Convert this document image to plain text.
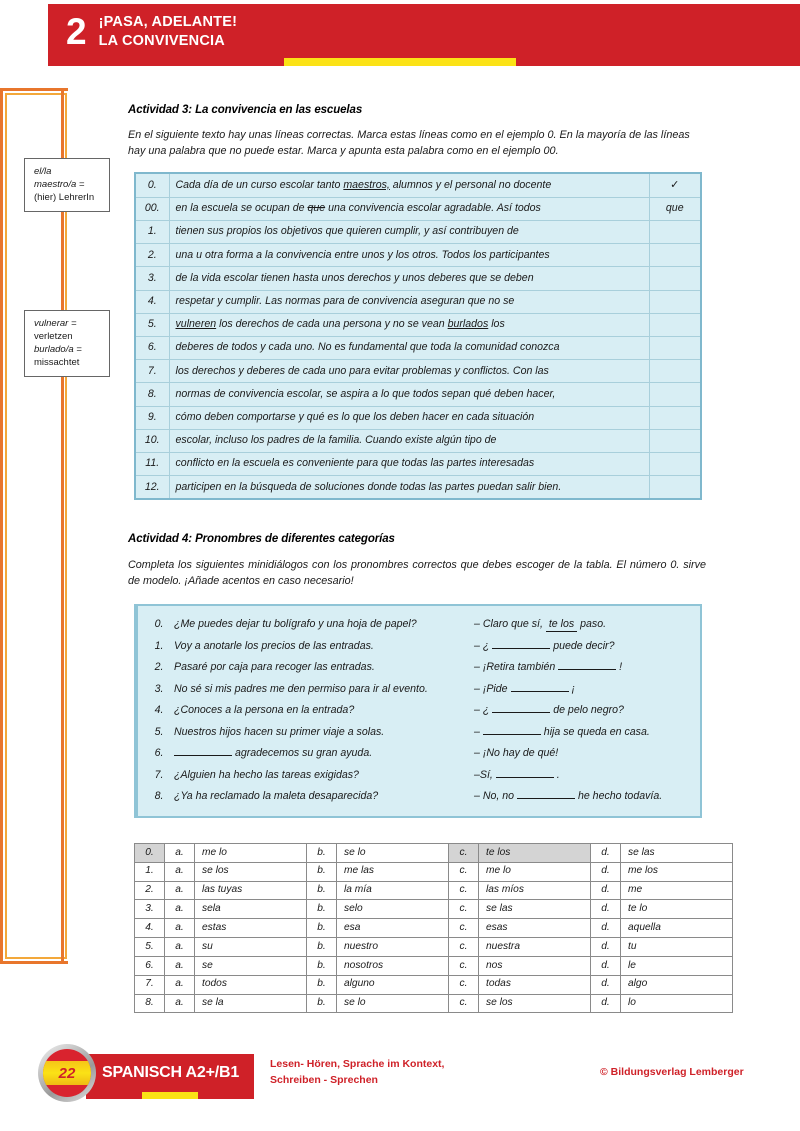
2 ¡PASA, ADELANTE!
LA CONVIVENCIA
el/la
maestro/a =
(hier) LehrerIn
vulnerar =
verletzen
burlado/a =
missachtet
Actividad 3: La convivencia en las escuelas
En el siguiente texto hay unas líneas correctas. Marca estas líneas como en el ejemplo 0. En la mayoría de las líneas hay una palabra que no puede estar. Marca y apunta esta palabra como en el ejemplo 00.
0.	Cada día de un curso escolar tanto maestros, alumnos y el personal no docente	✓
00.	en la escuela se ocupan de que una convivencia escolar agradable. Así todos	que
1.	tienen sus propios los objetivos que quieren cumplir, y así contribuyen de	
2.	una u otra forma a la convivencia entre unos y los otros. Todos los participantes	
3.	de la vida escolar tienen hasta unos derechos y unos deberes que se deben	
4.	respetar y cumplir. Las normas para de convivencia aseguran que no se	
5.	vulneren los derechos de cada una persona y no se vean burlados los	
6.	deberes de todos y cada uno. No es fundamental que toda la comunidad conozca	
7.	los derechos y deberes de cada uno para evitar problemas y conflictos. Con las	
8.	normas de convivencia escolar, se aspira a lo que todos sepan qué deben hacer,	
9.	cómo deben comportarse y qué es lo que los deben hacer en cada situación	
10.	escolar, incluso los padres de la familia. Cuando existe algún tipo de	
11.	conflicto en la escuela es conveniente para que todas las partes interesadas	
12.	participen en la búsqueda de soluciones donde todas las partes puedan salir bien.	
Actividad 4: Pronombres de diferentes categorías
Completa los siguientes minidiálogos con los pronombres correctos que debes escoger de la tabla. El número 0. sirve de modelo. ¡Añade acentos en caso necesario!
0. ¿Me puedes dejar tu bolígrafo y una hoja de papel?	– Claro que sí, te los paso.
1. Voy a anotarle los precios de las entradas.	– ¿	puede decir?
2. Pasaré por caja para recoger las entradas.	– ¡Retira también	!
3. No sé si mis padres me den permiso para ir al evento.	– ¡Pide	¡
4. ¿Conoces a la persona en la entrada?	– ¿	de pelo negro?
5. Nuestros hijos hacen su primer viaje a solas.	–	hija se queda en casa.
6.	agradecemos su gran ayuda.	– ¡No hay de qué!
7. ¿Alguien ha hecho las tareas exigidas?	–Sí,	.
8. ¿Ya ha reclamado la maleta desaparecida?	– No, no	he hecho todavía.
0.	a.	me lo	b.	se lo	c.	te los	d.	se las
1.	a.	se los	b.	me las	c.	me lo	d.	me los
2.	a.	las tuyas	b.	la mía	c.	las míos	d.	me
3.	a.	sela	b.	selo	c.	se las	d.	te lo
4.	a.	estas	b.	esa	c.	esas	d.	aquella
5.	a.	su	b.	nuestro	c.	nuestra	d.	tu
6.	a.	se	b.	nosotros	c.	nos	d.	le
7.	a.	todos	b.	alguno	c.	todas	d.	algo
8.	a.	se la	b.	se lo	c.	se los	d.	lo
22 SPANISCH A2+/B1	Lesen- Hören, Sprache im Kontext,
Schreiben - Sprechen
© Bildungsverlag Lemberger
